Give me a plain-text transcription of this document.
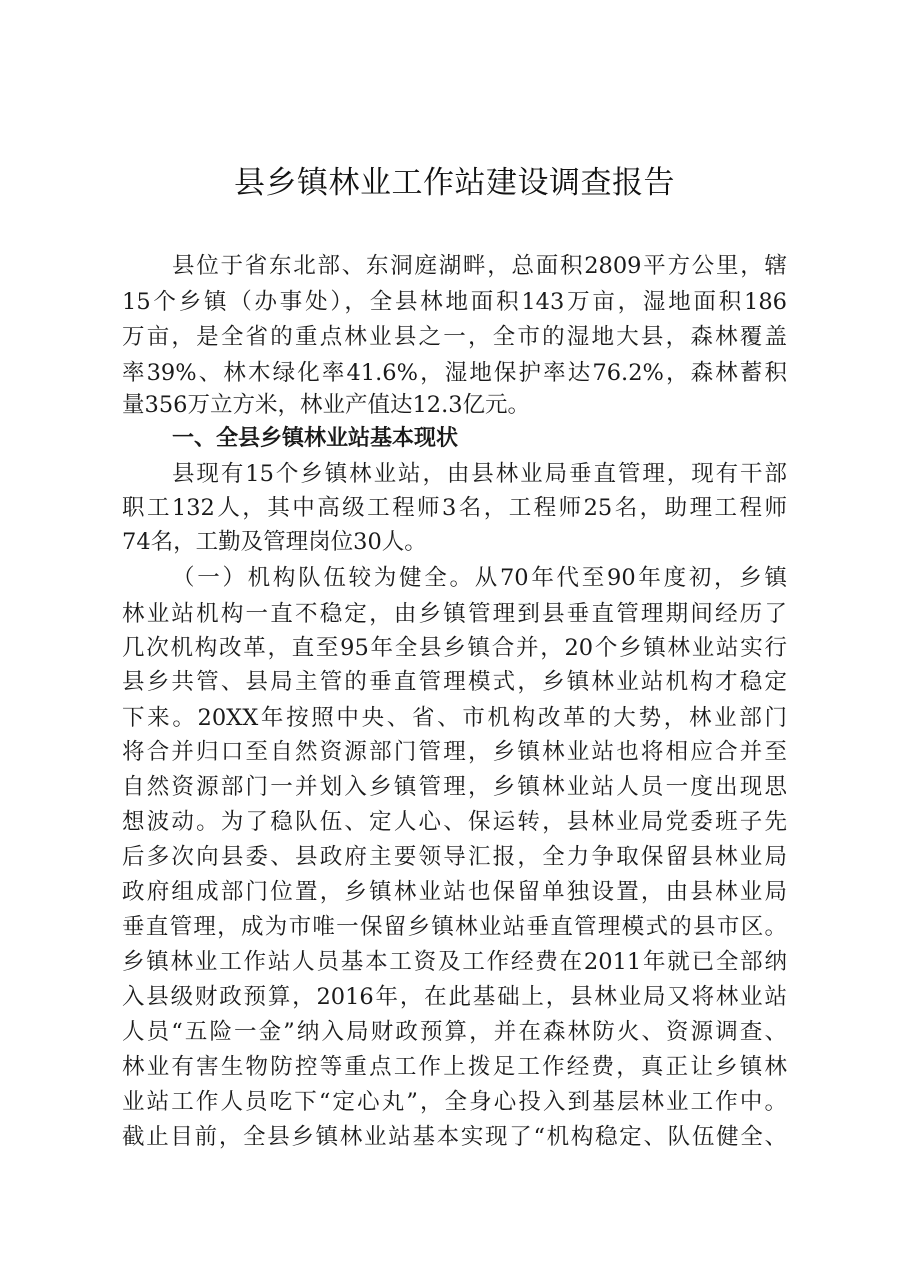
县乡镇林业工作站建设调查报告

县位于省东北部、东洞庭湖畔，总面积2809平方公里，辖

15个乡镇（办事处），全县林地面积143万亩，湿地面积186

万亩，是全省的重点林业县之一，全市的湿地大县，森林覆盖

率39%、林木绿化率41.6%，湿地保护率达76.2%，森林蓄积

量356万立方米，林业产值达12.3亿元。

一、全县乡镇林业站基本现状

县现有15个乡镇林业站，由县林业局垂直管理，现有干部

职工132人，其中高级工程师3名，工程师25名，助理工程师

74名，工勤及管理岗位30人。

（一）机构队伍较为健全。从70年代至90年度初，乡镇

林业站机构一直不稳定，由乡镇管理到县垂直管理期间经历了

几次机构改革，直至95年全县乡镇合并，20个乡镇林业站实行

县乡共管、县局主管的垂直管理模式，乡镇林业站机构才稳定

下来。20XX年按照中央、省、市机构改革的大势，林业部门

将合并归口至自然资源部门管理，乡镇林业站也将相应合并至

自然资源部门一并划入乡镇管理，乡镇林业站人员一度出现思

想波动。为了稳队伍、定人心、保运转，县林业局党委班子先

后多次向县委、县政府主要领导汇报，全力争取保留县林业局

政府组成部门位置，乡镇林业站也保留单独设置，由县林业局

垂直管理，成为市唯一保留乡镇林业站垂直管理模式的县市区。

乡镇林业工作站人员基本工资及工作经费在2011年就已全部纳

入县级财政预算，2016年，在此基础上，县林业局又将林业站

人员“五险一金”纳入局财政预算，并在森林防火、资源调查、

林业有害生物防控等重点工作上拨足工作经费，真正让乡镇林

业站工作人员吃下“定心丸”，全身心投入到基层林业工作中。

截止目前，全县乡镇林业站基本实现了“机构稳定、队伍健全、
